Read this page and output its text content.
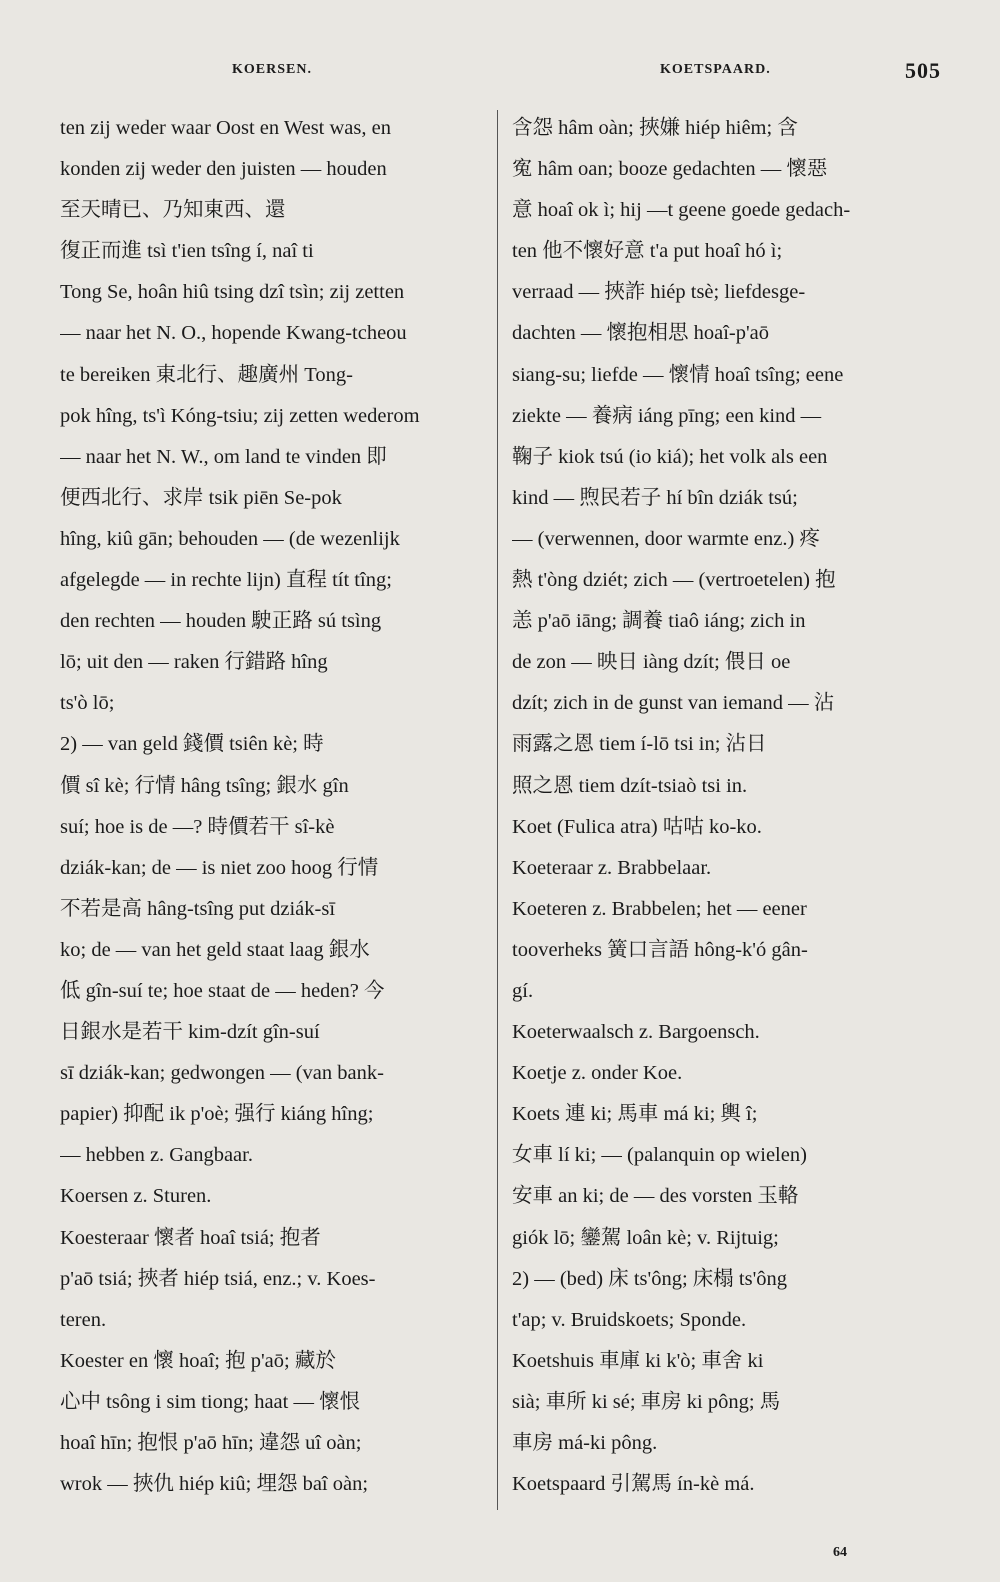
KOERSEN.	KOETSPAARD.	505
ten zij weder waar Oost en West was, en
konden zij weder den juisten — houden
至天晴已、乃知東西、還
復正而進 tsì t'ien tsîng í, naî ti
Tong Se, hoân hiû tsing dzî tsìn; zij zetten
— naar het N. O., hopende Kwang-tcheou
te bereiken 東北行、趣廣州 Tong-
pok hîng, ts'ì Kóng-tsiu; zij zetten wederom
— naar het N. W., om land te vinden 即
便西北行、求岸 tsik piēn Se-pok
hîng, kiû gān; behouden — (de wezenlijk
afgelegde — in rechte lijn) 直程 tít tîng;
den rechten — houden 駛正路 sú tsìng
lō; uit den — raken 行錯路 hîng
ts'ò lō;
2) — van geld 錢價 tsiên kè; 時
價 sî kè; 行情 hâng tsîng; 銀水 gîn
suí; hoe is de —? 時價若干 sî-kè
dziák-kan; de — is niet zoo hoog 行情
不若是高 hâng-tsîng put dziák-sī
ko; de — van het geld staat laag 銀水
低 gîn-suí te; hoe staat de — heden? 今
日銀水是若干 kim-dzít gîn-suí
sī dziák-kan; gedwongen — (van bank-
papier) 抑配 ik p'oè; 强行 kiáng hîng;
— hebben z. Gangbaar.
Koersen z. Sturen.
Koesteraar 懷者 hoaî tsiá; 抱者
p'aō tsiá; 挾者 hiép tsiá, enz.; v. Koes-
teren.
Koester en 懷 hoaî; 抱 p'aō; 藏於
心中 tsông i sim tiong; haat — 懷恨
hoaî hīn; 抱恨 p'aō hīn; 違怨 uî oàn;
wrok — 挾仇 hiép kiû; 埋怨 baî oàn;
含怨 hâm oàn; 挾嫌 hiép hiêm; 含
寃 hâm oan; booze gedachten — 懷惡
意 hoaî ok ì; hij —t geene goede gedach-
ten 他不懷好意 t'a put hoaî hó ì;
verraad — 挾詐 hiép tsè; liefdesge-
dachten — 懷抱相思 hoaî-p'aō
siang-su; liefde — 懷情 hoaî tsîng; eene
ziekte — 養病 iáng pīng; een kind —
鞠子 kiok tsú (io kiá); het volk als een
kind — 煦民若子 hí bîn dziák tsú;
— (verwennen, door warmte enz.) 疼
熱 t'òng dziét; zich — (vertroetelen) 抱
恙 p'aō iāng; 調養 tiaô iáng; zich in
de zon — 映日 iàng dzít; 偎日 oe
dzít; zich in de gunst van iemand — 沾
雨露之恩 tiem í-lō tsi in; 沾日
照之恩 tiem dzít-tsiaò tsi in.
Koet (Fulica atra) 咕咕 ko-ko.
Koeteraar z. Brabbelaar.
Koeteren z. Brabbelen; het — eener
tooverheks 簧口言語 hông-k'ó gân-
gí.
Koeterwaalsch z. Bargoensch.
Koetje z. onder Koe.
Koets 連 ki; 馬車 má ki; 輿 î;
女車 lí ki; — (palanquin op wielen)
安車 an ki; de — des vorsten 玉輅
giók lō; 鑾駕 loân kè; v. Rijtuig;
2) — (bed) 床 ts'ông; 床榻 ts'ông
t'ap; v. Bruidskoets; Sponde.
Koetshuis 車庫 ki k'ò; 車舍 ki
sià; 車所 ki sé; 車房 ki pông; 馬
車房 má-ki pông.
Koetspaard 引駕馬 ín-kè má.
64
